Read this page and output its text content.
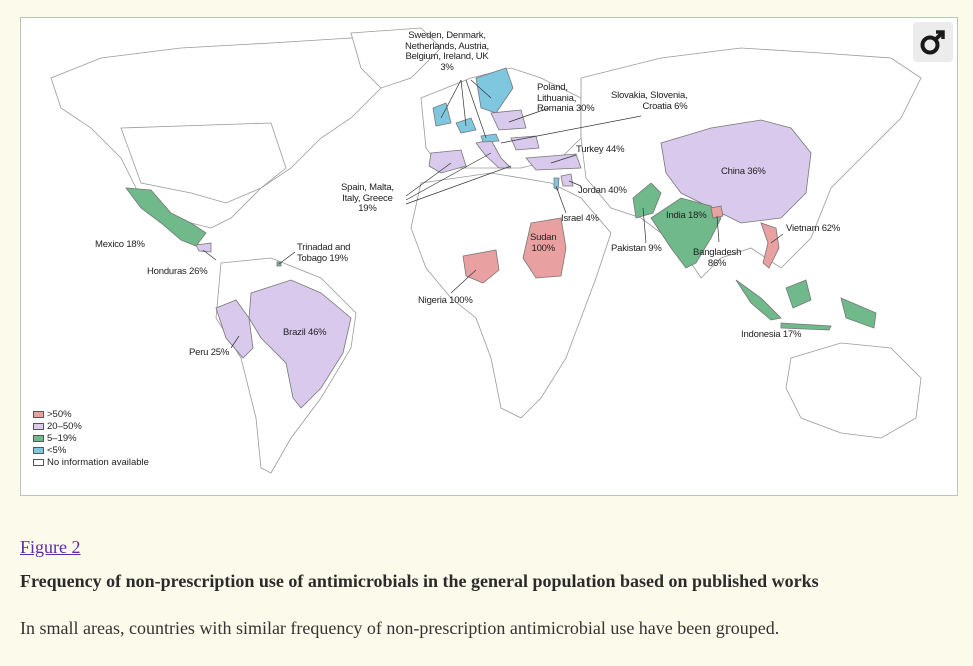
Sweden, Denmark,
Netherlands, Austria,
Belgium, Ireland, UK
3%
Poland,
Lithuania,
Romania 30%
Slovakia, Slovenia,
Croatia 6%
Turkey 44%
Spain, Malta,
Italy, Greece
19%
Jordan 40%
Israel 4%
China 36%
India 18%
Pakistan 9%	Bangladesh
86%
Vietnam 62%
Indonesia 17%
Mexico 18%
Honduras 26%
Trinadad and
Tobago 19%
Brazil 46%
Peru 25%
Sudan
100%
Nigeria 100%
>50%
20–50%
5–19%
<5%
No information available
Figure 2
Frequency of non-prescription use of antimicrobials in the general population based on published works
In small areas, countries with similar frequency of non-prescription antimicrobial use have been grouped.
